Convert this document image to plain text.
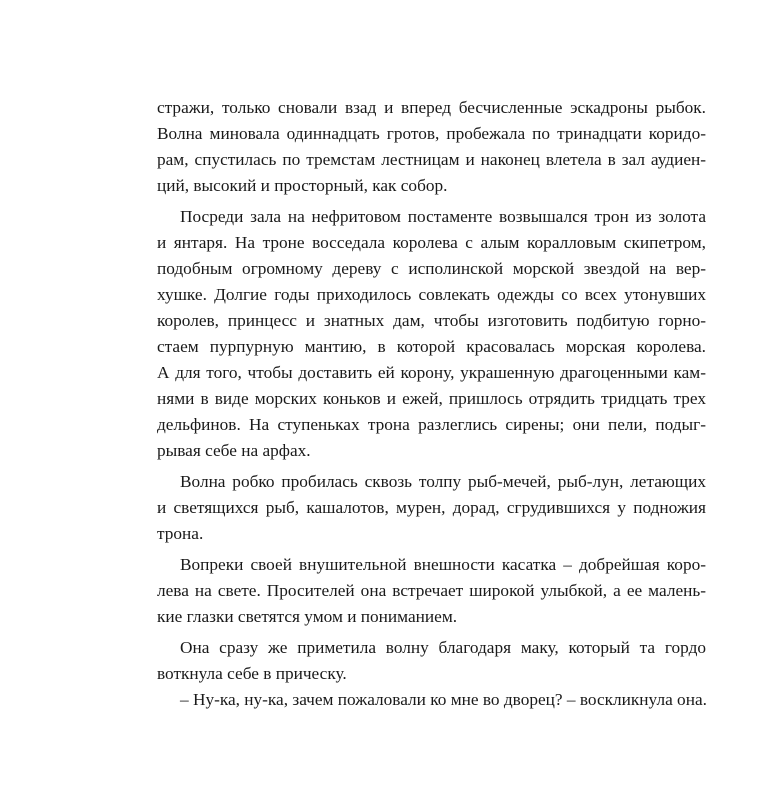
стражи, только сновали взад и вперед бесчисленные эскадроны рыбок.
Волна миновала одиннадцать гротов, пробежала по тринадцати коридо-
рам, спустилась по тремстам лестницам и наконец влетела в зал аудиен-
ций, высокий и просторный, как собор.
Посреди зала на нефритовом постаменте возвышался трон из золота
и янтаря. На троне восседала королева с алым коралловым скипетром,
подобным огромному дереву с исполинской морской звездой на вер-
хушке. Долгие годы приходилось совлекать одежды со всех утонувших
королев, принцесс и знатных дам, чтобы изготовить подбитую горно-
стаем пурпурную мантию, в которой красовалась морская королева.
А для того, чтобы доставить ей корону, украшенную драгоценными кам-
нями в виде морских коньков и ежей, пришлось отрядить тридцать трех
дельфинов. На ступеньках трона разлеглись сирены; они пели, подыг-
рывая себе на арфах.
Волна робко пробилась сквозь толпу рыб-мечей, рыб-лун, летающих
и светящихся рыб, кашалотов, мурен, дорад, сгрудившихся у подножия
трона.
Вопреки своей внушительной внешности касатка – добрейшая коро-
лева на свете. Просителей она встречает широкой улыбкой, а ее малень-
кие глазки светятся умом и пониманием.
Она сразу же приметила волну благодаря маку, который та гордо
воткнула себе в прическу.
– Ну-ка, ну-ка, зачем пожаловали ко мне во дворец? – воскликнула она.
